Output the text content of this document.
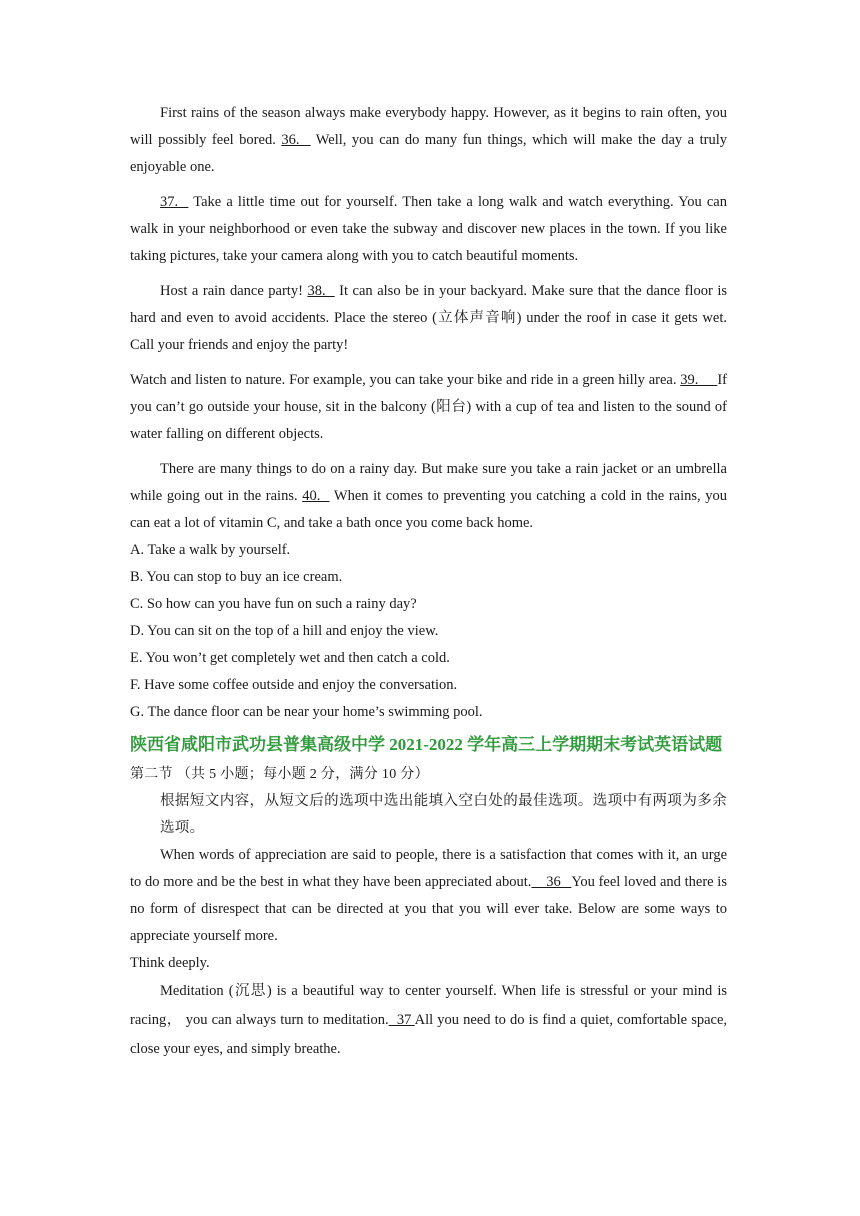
First rains of the season always make everybody happy. However, as it begins to rain often, you will possibly feel bored. 36.   Well, you can do many fun things, which will make the day a truly enjoyable one.

37.   Take a little time out for yourself. Then take a long walk and watch everything. You can walk in your neighborhood or even take the subway and discover new places in the town. If you like taking pictures, take your camera along with you to catch beautiful moments.

Host a rain dance party! 38.   It can also be in your backyard. Make sure that the dance floor is hard and even to avoid accidents. Place the stereo (立体声音响) under the roof in case it gets wet. Call your friends and enjoy the party!

Watch and listen to nature. For example, you can take your bike and ride in a green hilly area. 39.     If you can’t go outside your house, sit in the balcony (阳台) with a cup of tea and listen to the sound of water falling on different objects.

There are many things to do on a rainy day. But make sure you take a rain jacket or an umbrella while going out in the rains. 40.   When it comes to preventing you catching a cold in the rains, you can eat a lot of vitamin C, and take a bath once you come back home.

A. Take a walk by yourself.

B. You can stop to buy an ice cream.

C. So how can you have fun on such a rainy day?

D. You can sit on the top of a hill and enjoy the view.

E. You won’t get completely wet and then catch a cold.

F. Have some coffee outside and enjoy the conversation.

G. The dance floor can be near your home’s swimming pool.

陕西省咸阳市武功县普集高级中学 2021-2022 学年高三上学期期末考试英语试题

第二节 （共 5 小题；每小题 2 分，满分 10 分）

根据短文内容，从短文后的选项中选出能填入空白处的最佳选项。选项中有两项为多余选项。

When words of appreciation are said to people, there is a satisfaction that comes with it, an urge to do more and be the best in what they have been appreciated about.    36   You feel loved and there is no form of disrespect that can be directed at you that you will ever take. Below are some ways to appreciate yourself more.

Think deeply.

Meditation (沉思) is a beautiful way to center yourself. When life is stressful or your mind is racing， you can always turn to meditation.  37 All you need to do is find a quiet, comfortable space, close your eyes, and simply breathe.
